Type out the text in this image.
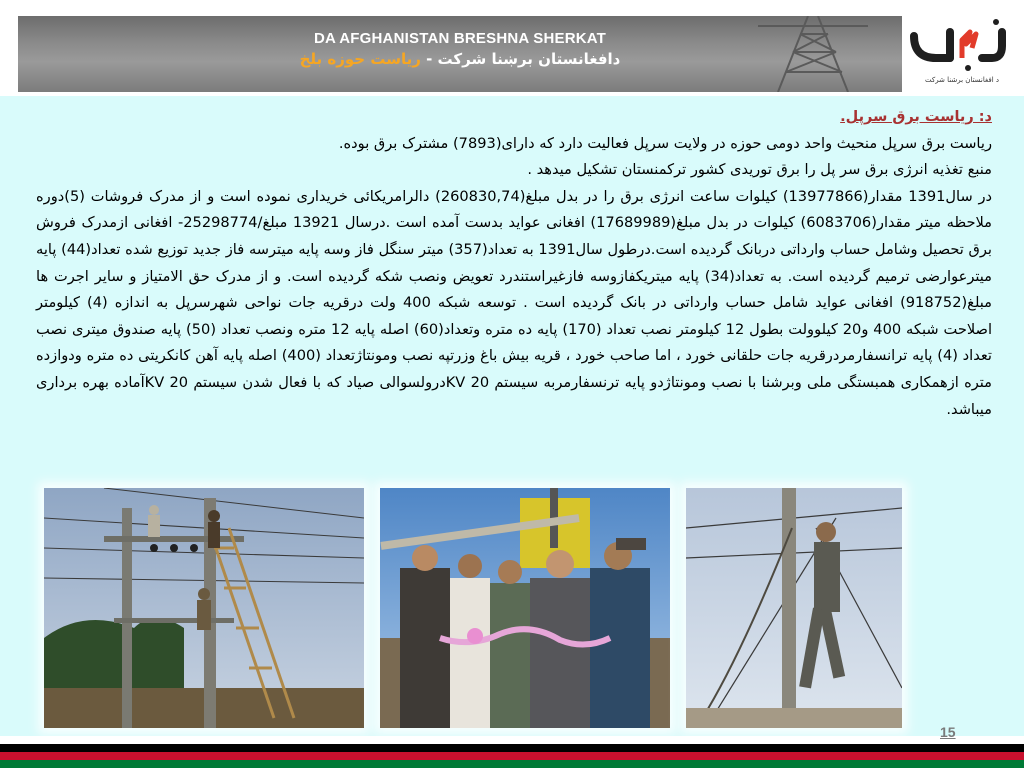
DA AFGHANISTAN BRESHNA SHERKAT
دافغانستان برښنا شرکت - ریاست حوزه بلخ
د افغانستان برشنا شرکت

د: ریاست برق سرپل.

ریاست برق سرپل منحیث واحد دومی حوزه در ولایت سرپل فعالیت دارد که دارای(7893) مشترک برق بوده.

منبع تغذیه انرژی برق سر پل را برق توریدی کشور ترکمنستان تشکیل میدهد .

در سال1391 مقدار(13977866) کیلوات ساعت انرژی برق را در بدل مبلغ(260830,74) دالرامریکائی خریداری نموده است و از مدرک فروشات (5)دوره ملاحظه میتر مقدار(6083706) کیلوات در بدل مبلغ(17689989) افغانی عواید بدست آمده است .درسال 13921 مبلغ/25298774- افغانی ازمدرک فروش برق تحصیل وشامل حساب وارداتی دربانک گردیده است.درطول سال1391 به تعداد(357) میتر سنگل فاز وسه پایه میترسه فاز جدید توزیع شده تعداد(44) پایه میترعوارضی ترمیم گردیده است. به تعداد(34) پایه میتریکفازوسه فازغیراستندرد تعویض ونصب شکه گردیده است. و از مدرک حق الامتیاز و سایر اجرت ها مبلغ(918752) افغانی عواید شامل حساب وارداتی در بانک گردیده است . توسعه شبکه 400 ولت درقریه جات نواحی شهرسرپل به اندازه (4) کیلومتر اصلاحت شبکه 400 و20 کیلوولت بطول 12 کیلومتر نصب تعداد (170) پایه ده متره وتعداد(60) اصله پایه 12 متره ونصب تعداد (50) پایه صندوق میتری نصب تعداد (4) پایه ترانسفارمردرقریه جات حلقانی خورد ، اما صاحب خورد ، قریه بیش باغ وزرتپه نصب ومونتاژتعداد (400) اصله پایه آهن کانکریتی ده متره ودوازده متره ازهمکاری همبستگی ملی وبرشنا با نصب ومونتاژدو پایه ترنسفارمربه سیستم KV 20درولسوالی صیاد که با فعال شدن سیستم KV 20آماده بهره برداری میباشد.

15
